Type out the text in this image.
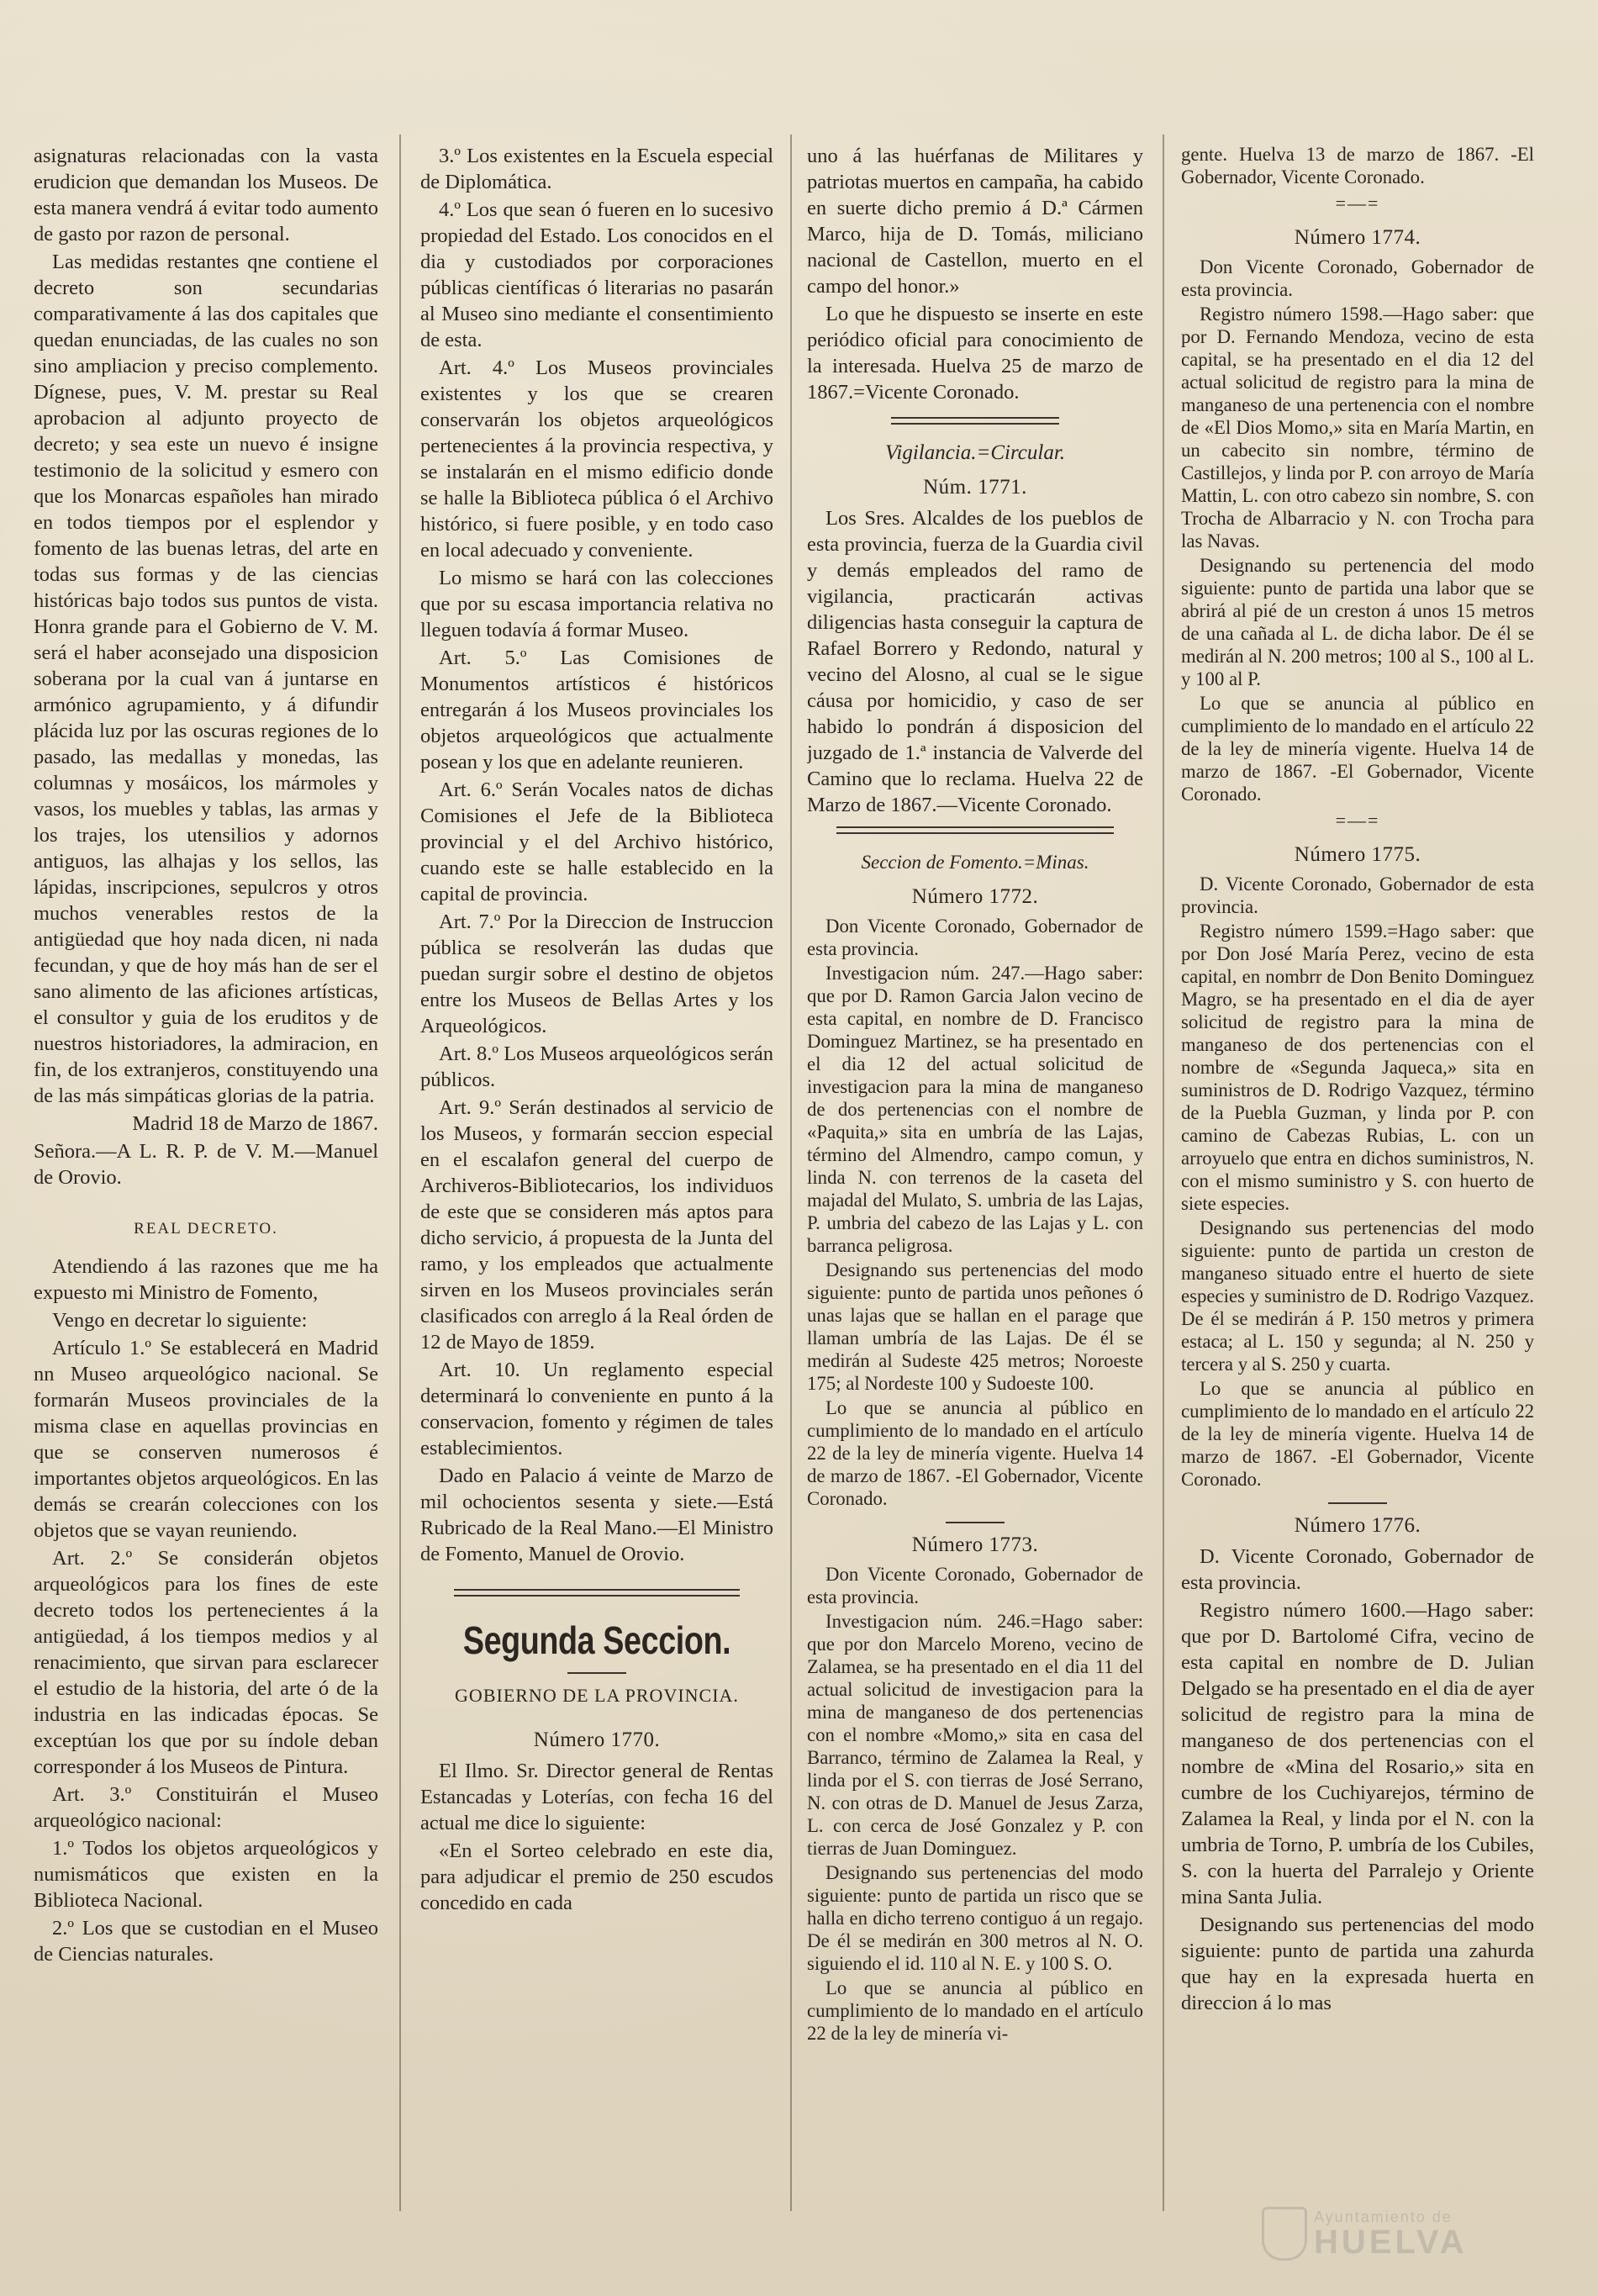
asignaturas relacionadas con la vasta erudicion que demandan los Museos. De esta manera vendrá á evitar todo aumento de gasto por razon de personal.

Las medidas restantes qne contiene el decreto son secundarias comparativamente á las dos capitales que quedan enunciadas, de las cuales no son sino ampliacion y preciso complemento. Dígnese, pues, V. M. prestar su Real aprobacion al adjunto proyecto de decreto; y sea este un nuevo é insigne testimonio de la solicitud y esmero con que los Monarcas españoles han mirado en todos tiempos por el esplendor y fomento de las buenas letras, del arte en todas sus formas y de las ciencias históricas bajo todos sus puntos de vista. Honra grande para el Gobierno de V. M. será el haber aconsejado una disposicion soberana por la cual van á juntarse en armónico agrupamiento, y á difundir plácida luz por las oscuras regiones de lo pasado, las medallas y monedas, las columnas y mosáicos, los mármoles y vasos, los muebles y tablas, las armas y los trajes, los utensilios y adornos antiguos, las alhajas y los sellos, las lápidas, inscripciones, sepulcros y otros muchos venerables restos de la antigüedad que hoy nada dicen, ni nada fecundan, y que de hoy más han de ser el sano alimento de las aficiones artísticas, el consultor y guia de los eruditos y de nuestros historiadores, la admiracion, en fin, de los extranjeros, constituyendo una de las más simpáticas glorias de la patria.

Madrid 18 de Marzo de 1867.

Señora.—A L. R. P. de V. M.—Manuel de Orovio.

REAL DECRETO.

Atendiendo á las razones que me ha expuesto mi Ministro de Fomento,

Vengo en decretar lo siguiente:

Artículo 1.º Se establecerá en Madrid nn Museo arqueológico nacional. Se formarán Museos provinciales de la misma clase en aquellas provincias en que se conserven numerosos é importantes objetos arqueológicos. En las demás se crearán colecciones con los objetos que se vayan reuniendo.

Art. 2.º Se considerán objetos arqueológicos para los fines de este decreto todos los pertenecientes á la antigüedad, á los tiempos medios y al renacimiento, que sirvan para esclarecer el estudio de la historia, del arte ó de la industria en las indicadas épocas. Se exceptúan los que por su índole deban corresponder á los Museos de Pintura.

Art. 3.º Constituirán el Museo arqueológico nacional:

1.º Todos los objetos arqueológicos y numismáticos que existen en la Biblioteca Nacional.

2.º Los que se custodian en el Museo de Ciencias naturales.

3.º Los existentes en la Escuela especial de Diplomática.

4.º Los que sean ó fueren en lo sucesivo propiedad del Estado. Los conocidos en el dia y custodiados por corporaciones públicas científicas ó literarias no pasarán al Museo sino mediante el consentimiento de esta.

Art. 4.º Los Museos provinciales existentes y los que se crearen conservarán los objetos arqueológicos pertenecientes á la provincia respectiva, y se instalarán en el mismo edificio donde se halle la Biblioteca pública ó el Archivo histórico, si fuere posible, y en todo caso en local adecuado y conveniente.

Lo mismo se hará con las colecciones que por su escasa importancia relativa no lleguen todavía á formar Museo.

Art. 5.º Las Comisiones de Monumentos artísticos é históricos entregarán á los Museos provinciales los objetos arqueológicos que actualmente posean y los que en adelante reunieren.

Art. 6.º Serán Vocales natos de dichas Comisiones el Jefe de la Biblioteca provincial y el del Archivo histórico, cuando este se halle establecido en la capital de provincia.

Art. 7.º Por la Direccion de Instruccion pública se resolverán las dudas que puedan surgir sobre el destino de objetos entre los Museos de Bellas Artes y los Arqueológicos.

Art. 8.º Los Museos arqueológicos serán públicos.

Art. 9.º Serán destinados al servicio de los Museos, y formarán seccion especial en el escalafon general del cuerpo de Archiveros-Bibliotecarios, los individuos de este que se consideren más aptos para dicho servicio, á propuesta de la Junta del ramo, y los empleados que actualmente sirven en los Museos provinciales serán clasificados con arreglo á la Real órden de 12 de Mayo de 1859.

Art. 10. Un reglamento especial determinará lo conveniente en punto á la conservacion, fomento y régimen de tales establecimientos.

Dado en Palacio á veinte de Marzo de mil ochocientos sesenta y siete.—Está Rubricado de la Real Mano.—El Ministro de Fomento, Manuel de Orovio.

Segunda Seccion.
GOBIERNO DE LA PROVINCIA.
Número 1770.

El Ilmo. Sr. Director general de Rentas Estancadas y Loterías, con fecha 16 del actual me dice lo siguiente:

«En el Sorteo celebrado en este dia, para adjudicar el premio de 250 escudos concedido en cada

uno á las huérfanas de Militares y patriotas muertos en campaña, ha cabido en suerte dicho premio á D.ª Cármen Marco, hija de D. Tomás, miliciano nacional de Castellon, muerto en el campo del honor.»

Lo que he dispuesto se inserte en este periódico oficial para conocimiento de la interesada. Huelva 25 de marzo de 1867.=Vicente Coronado.

Vigilancia.=Circular.
Núm. 1771.

Los Sres. Alcaldes de los pueblos de esta provincia, fuerza de la Guardia civil y demás empleados del ramo de vigilancia, practicarán activas diligencias hasta conseguir la captura de Rafael Borrero y Redondo, natural y vecino del Alosno, al cual se le sigue cáusa por homicidio, y caso de ser habido lo pondrán á disposicion del juzgado de 1.ª instancia de Valverde del Camino que lo reclama. Huelva 22 de Marzo de 1867.—Vicente Coronado.

Seccion de Fomento.=Minas.
Número 1772.

Don Vicente Coronado, Gobernador de esta provincia.

Investigacion núm. 247.—Hago saber: que por D. Ramon Garcia Jalon vecino de esta capital, en nombre de D. Francisco Dominguez Martinez, se ha presentado en el dia 12 del actual solicitud de investigacion para la mina de manganeso de dos pertenencias con el nombre de «Paquita,» sita en umbría de las Lajas, término del Almendro, campo comun, y linda N. con terrenos de la caseta del majadal del Mulato, S. umbria de las Lajas, P. umbria del cabezo de las Lajas y L. con barranca peligrosa.

Designando sus pertenencias del modo siguiente: punto de partida unos peñones ó unas lajas que se hallan en el parage que llaman umbría de las Lajas. De él se medirán al Sudeste 425 metros; Noroeste 175; al Nordeste 100 y Sudoeste 100.

Lo que se anuncia al público en cumplimiento de lo mandado en el artículo 22 de la ley de minería vigente. Huelva 14 de marzo de 1867. -El Gobernador, Vicente Coronado.

Número 1773.

Don Vicente Coronado, Gobernador de esta provincia.

Investigacion núm. 246.=Hago saber: que por don Marcelo Moreno, vecino de Zalamea, se ha presentado en el dia 11 del actual solicitud de investigacion para la mina de manganeso de dos pertenencias con el nombre «Momo,» sita en casa del Barranco, término de Zalamea la Real, y linda por el S. con tierras de José Serrano, N. con otras de D. Manuel de Jesus Zarza, L. con cerca de José Gonzalez y P. con tierras de Juan Dominguez.

Designando sus pertenencias del modo siguiente: punto de partida un risco que se halla en dicho terreno contiguo á un regajo. De él se medirán en 300 metros al N. O. siguiendo el id. 110 al N. E. y 100 S. O.

Lo que se anuncia al público en cumplimiento de lo mandado en el artículo 22 de la ley de minería vi-

gente. Huelva 13 de marzo de 1867. -El Gobernador, Vicente Coronado.

=—=
Número 1774.

Don Vicente Coronado, Gobernador de esta provincia.

Registro número 1598.—Hago saber: que por D. Fernando Mendoza, vecino de esta capital, se ha presentado en el dia 12 del actual solicitud de registro para la mina de manganeso de una pertenencia con el nombre de «El Dios Momo,» sita en María Martin, en un cabecito sin nombre, término de Castillejos, y linda por P. con arroyo de María Mattin, L. con otro cabezo sin nombre, S. con Trocha de Albarracio y N. con Trocha para las Navas.

Designando su pertenencia del modo siguiente: punto de partida una labor que se abrirá al pié de un creston á unos 15 metros de una cañada al L. de dicha labor. De él se medirán al N. 200 metros; 100 al S., 100 al L. y 100 al P.

Lo que se anuncia al público en cumplimiento de lo mandado en el artículo 22 de la ley de minería vigente. Huelva 14 de marzo de 1867. -El Gobernador, Vicente Coronado.

=—=
Número 1775.

D. Vicente Coronado, Gobernador de esta provincia.

Registro número 1599.=Hago saber: que por Don José María Perez, vecino de esta capital, en nombrr de Don Benito Dominguez Magro, se ha presentado en el dia de ayer solicitud de registro para la mina de manganeso de dos pertenencias con el nombre de «Segunda Jaqueca,» sita en suministros de D. Rodrigo Vazquez, término de la Puebla Guzman, y linda por P. con camino de Cabezas Rubias, L. con un arroyuelo que entra en dichos suministros, N. con el mismo suministro y S. con huerto de siete especies.

Designando sus pertenencias del modo siguiente: punto de partida un creston de manganeso situado entre el huerto de siete especies y suministro de D. Rodrigo Vazquez. De él se medirán á P. 150 metros y primera estaca; al L. 150 y segunda; al N. 250 y tercera y al S. 250 y cuarta.

Lo que se anuncia al público en cumplimiento de lo mandado en el artículo 22 de la ley de minería vigente. Huelva 14 de marzo de 1867. -El Gobernador, Vicente Coronado.

Número 1776.

D. Vicente Coronado, Gobernador de esta provincia.

Registro número 1600.—Hago saber: que por D. Bartolomé Cifra, vecino de esta capital en nombre de D. Julian Delgado se ha presentado en el dia de ayer solicitud de registro para la mina de manganeso de dos pertenencias con el nombre de «Mina del Rosario,» sita en cumbre de los Cuchiyarejos, término de Zalamea la Real, y linda por el N. con la umbria de Torno, P. umbría de los Cubiles, S. con la huerta del Parralejo y Oriente mina Santa Julia.

Designando sus pertenencias del modo siguiente: punto de partida una zahurda que hay en la expresada huerta en direccion á lo mas

Ayuntamiento de
HUELVA
